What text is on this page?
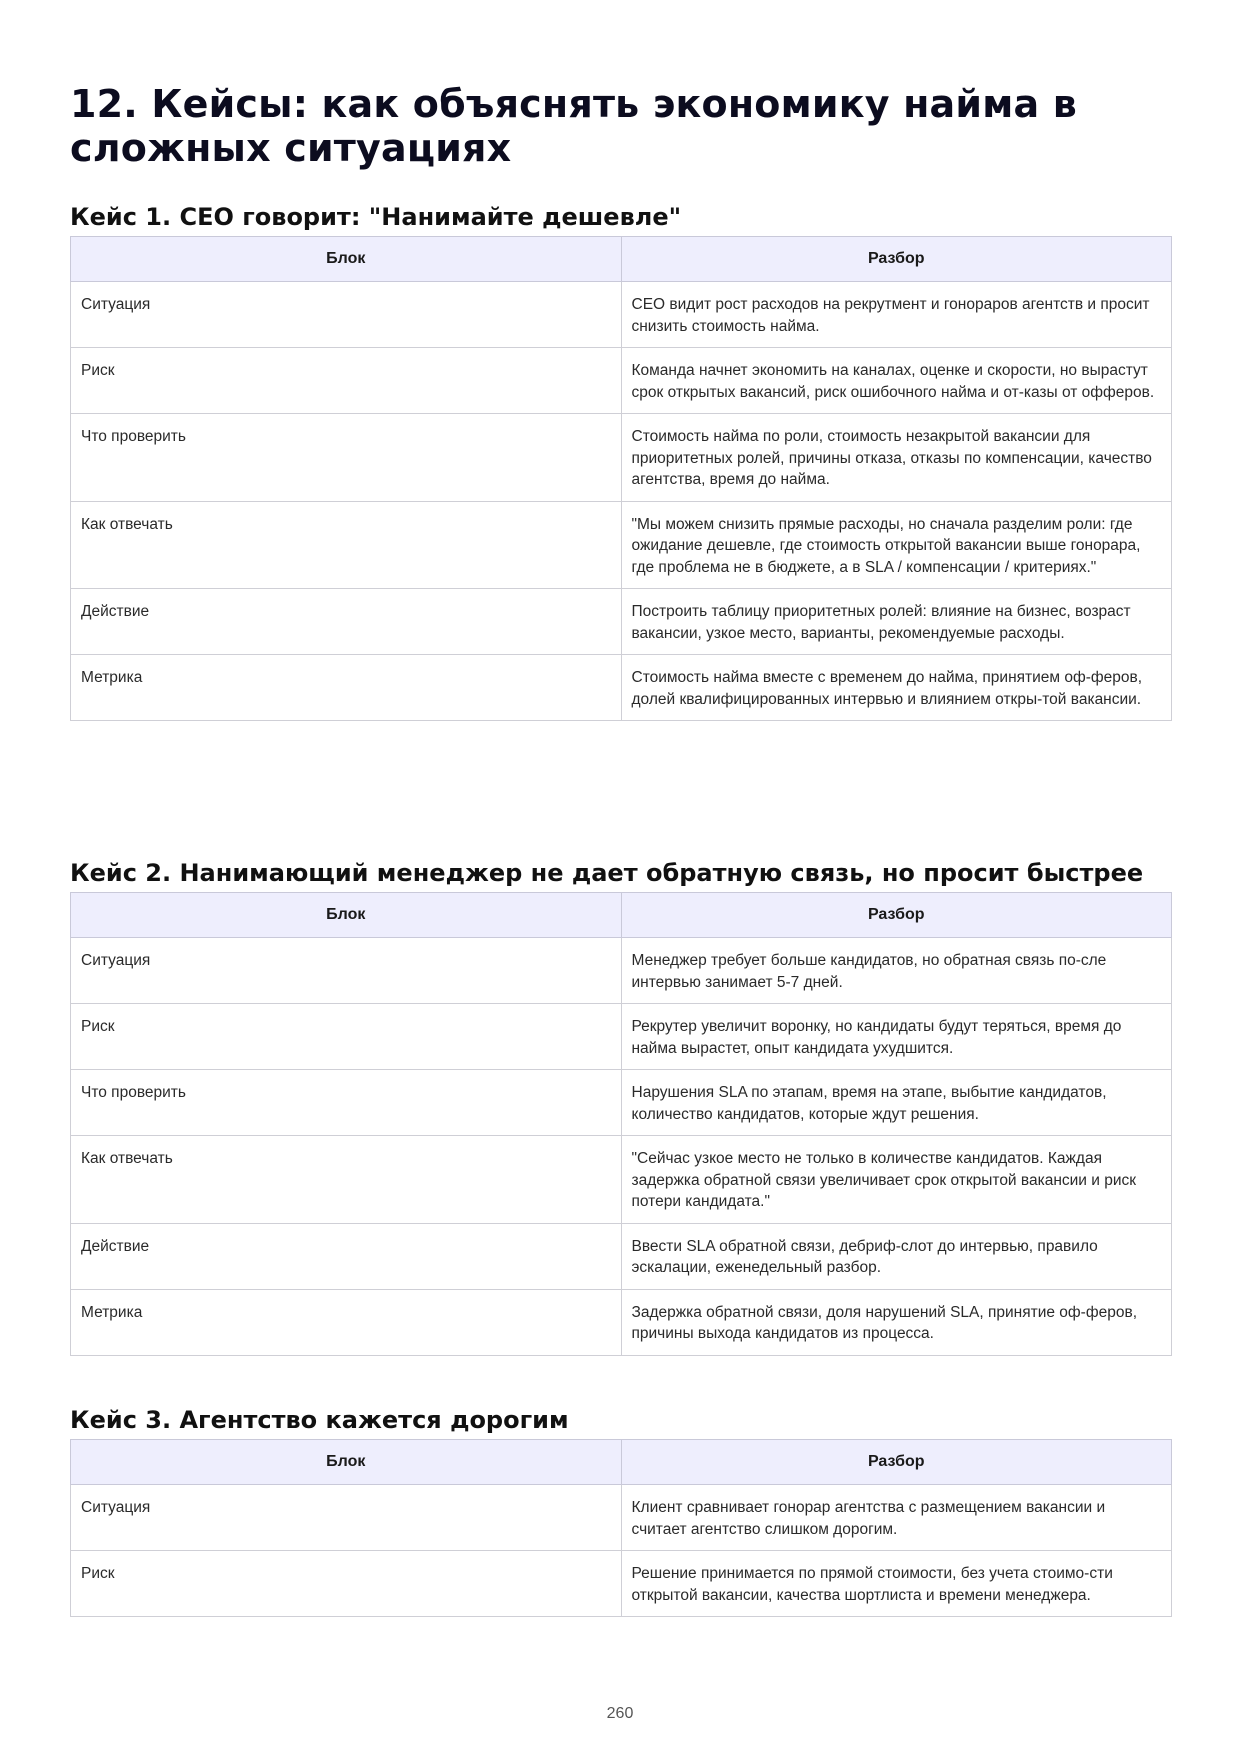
12. Кейсы: как объяснять экономику найма в сложных ситуациях
Кейс 1. CEO говорит: "Нанимайте дешевле"
Блок	Разбор
Ситуация	CEO видит рост расходов на рекрутмент и гонораров агентств и просит снизить стоимость найма.
Риск	Команда начнет экономить на каналах, оценке и скорости, но вырастут срок открытых вакансий, риск ошибочного найма и от-казы от офферов.
Что проверить	Стоимость найма по роли, стоимость незакрытой вакансии для приоритетных ролей, причины отказа, отказы по компенсации, качество агентства, время до найма.
Как отвечать	"Мы можем снизить прямые расходы, но сначала разделим роли: где ожидание дешевле, где стоимость открытой вакансии выше гонорара, где проблема не в бюджете, а в SLA / компенсации / критериях."
Действие	Построить таблицу приоритетных ролей: влияние на бизнес, возраст вакансии, узкое место, варианты, рекомендуемые расходы.
Метрика	Стоимость найма вместе с временем до найма, принятием оф-феров, долей квалифицированных интервью и влиянием откры-той вакансии.
Кейс 2. Нанимающий менеджер не дает обратную связь, но просит быстрее
Блок	Разбор
Ситуация	Менеджер требует больше кандидатов, но обратная связь по-сле интервью занимает 5-7 дней.
Риск	Рекрутер увеличит воронку, но кандидаты будут теряться, время до найма вырастет, опыт кандидата ухудшится.
Что проверить	Нарушения SLA по этапам, время на этапе, выбытие кандидатов, количество кандидатов, которые ждут решения.
Как отвечать	"Сейчас узкое место не только в количестве кандидатов. Каждая задержка обратной связи увеличивает срок открытой вакансии и риск потери кандидата."
Действие	Ввести SLA обратной связи, дебриф-слот до интервью, правило эскалации, еженедельный разбор.
Метрика	Задержка обратной связи, доля нарушений SLA, принятие оф-феров, причины выхода кандидатов из процесса.
Кейс 3. Агентство кажется дорогим
Блок	Разбор
Ситуация	Клиент сравнивает гонорар агентства с размещением вакансии и считает агентство слишком дорогим.
Риск	Решение принимается по прямой стоимости, без учета стоимо-сти открытой вакансии, качества шортлиста и времени менеджера.
260
